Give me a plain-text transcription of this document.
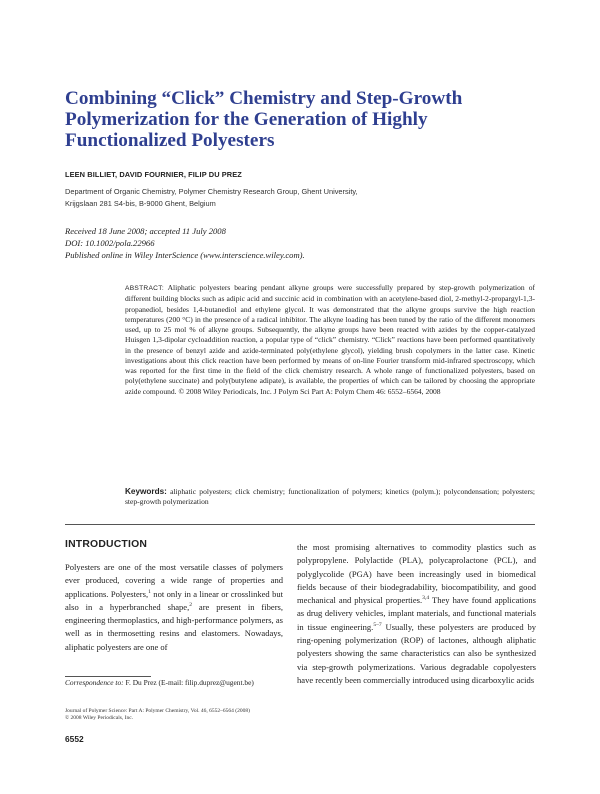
Combining “Click” Chemistry and Step-Growth
Polymerization for the Generation of Highly
Functionalized Polyesters
LEEN BILLIET, DAVID FOURNIER, FILIP DU PREZ
Department of Organic Chemistry, Polymer Chemistry Research Group, Ghent University,
Krijgslaan 281 S4-bis, B-9000 Ghent, Belgium
Received 18 June 2008; accepted 11 July 2008
DOI: 10.1002/pola.22966
Published online in Wiley InterScience (www.interscience.wiley.com).
ABSTRACT: Aliphatic polyesters bearing pendant alkyne groups were successfully prepared by step-growth polymerization of different building blocks such as adipic acid and succinic acid in combination with an acetylene-based diol, 2-methyl-2-propargyl-1,3-propanediol, besides 1,4-butanediol and ethylene glycol. It was demonstrated that the alkyne groups survive the high reaction temperatures (200 °C) in the presence of a radical inhibitor. The alkyne loading has been tuned by the ratio of the different monomers used, up to 25 mol % of alkyne groups. Subsequently, the alkyne groups have been reacted with azides by the copper-catalyzed Huisgen 1,3-dipolar cycloaddition reaction, a popular type of “click” chemistry. “Click” reactions have been performed quantitatively in the presence of benzyl azide and azide-terminated poly(ethylene glycol), yielding brush copolymers in the latter case. Kinetic investigations about this click reaction have been performed by means of on-line Fourier transform mid-infrared spectroscopy, which was reported for the first time in the field of the click chemistry research. A whole range of functionalized polyesters, based on poly(ethylene succinate) and poly(butylene adipate), is available, the properties of which can be tailored by choosing the appropriate azide compound. © 2008 Wiley Periodicals, Inc. J Polym Sci Part A: Polym Chem 46: 6552–6564, 2008
Keywords: aliphatic polyesters; click chemistry; functionalization of polymers; kinetics (polym.); polycondensation; polyesters; step-growth polymerization
INTRODUCTION
Polyesters are one of the most versatile classes of polymers ever produced, covering a wide range of properties and applications. Polyesters,$^1$ not only in a linear or crosslinked but also in a hyperbranched shape,$^2$ are present in fibers, engineering thermoplastics, and high-performance polymers, as well as in thermosetting resins and elastomers. Nowadays, aliphatic polyesters are one of
the most promising alternatives to commodity plastics such as polypropylene. Polylactide (PLA), polycaprolactone (PCL), and polyglycolide (PGA) have been increasingly used in biomedical fields because of their biodegradability, biocompatibility, and good mechanical and physical properties.$^{3,4}$ They have found applications as drug delivery vehicles, implant materials, and functional materials in tissue engineering.$^{5-7}$ Usually, these polyesters are produced by ring-opening polymerization (ROP) of lactones, although aliphatic polyesters showing the same characteristics can also be synthesized via step-growth polymerizations. Various degradable copolyesters have recently been commercially introduced using dicarboxylic acids
Correspondence to: F. Du Prez (E-mail: filip.duprez@ugent.be)
Journal of Polymer Science: Part A: Polymer Chemistry, Vol. 46, 6552–6564 (2008)
© 2008 Wiley Periodicals, Inc.
6552
